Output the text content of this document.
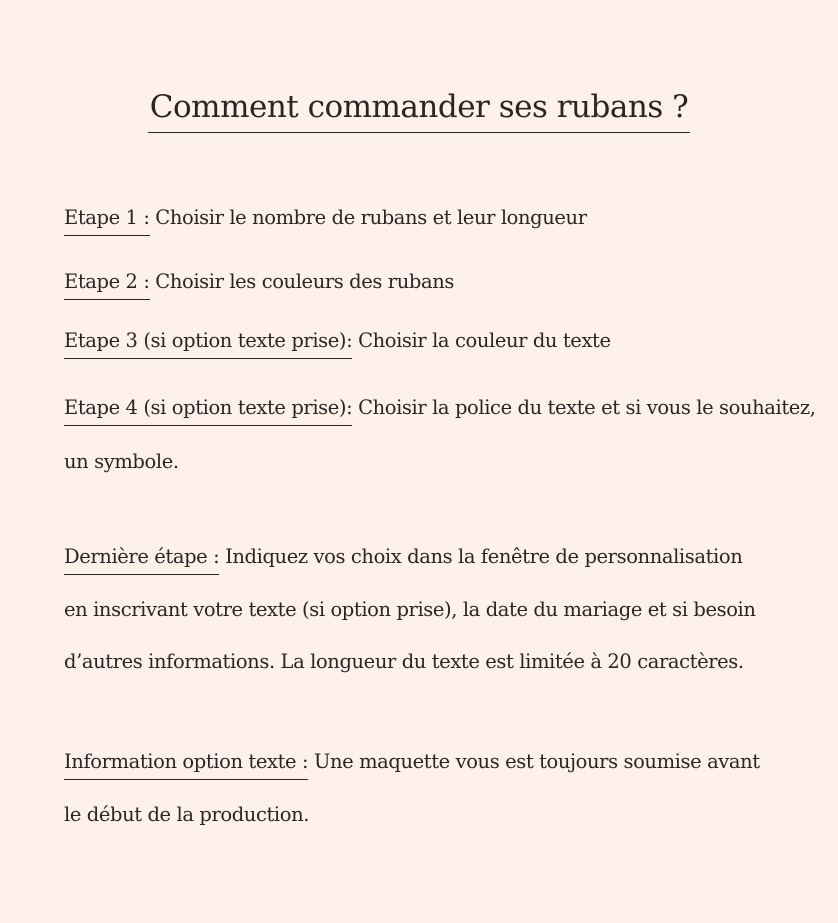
Comment commander ses rubans ?
Etape 1 : Choisir le nombre de rubans et leur longueur
Etape 2 : Choisir les couleurs des rubans
Etape 3 (si option texte prise): Choisir la couleur du texte
Etape 4 (si option texte prise): Choisir la police du texte et si vous le souhaitez,
un symbole.
Dernière étape : Indiquez vos choix dans la fenêtre de personnalisation
en inscrivant votre texte (si option prise), la date du mariage et si besoin
d’autres informations. La longueur du texte est limitée à 20 caractères.
Information option texte : Une maquette vous est toujours soumise avant
le début de la production.
